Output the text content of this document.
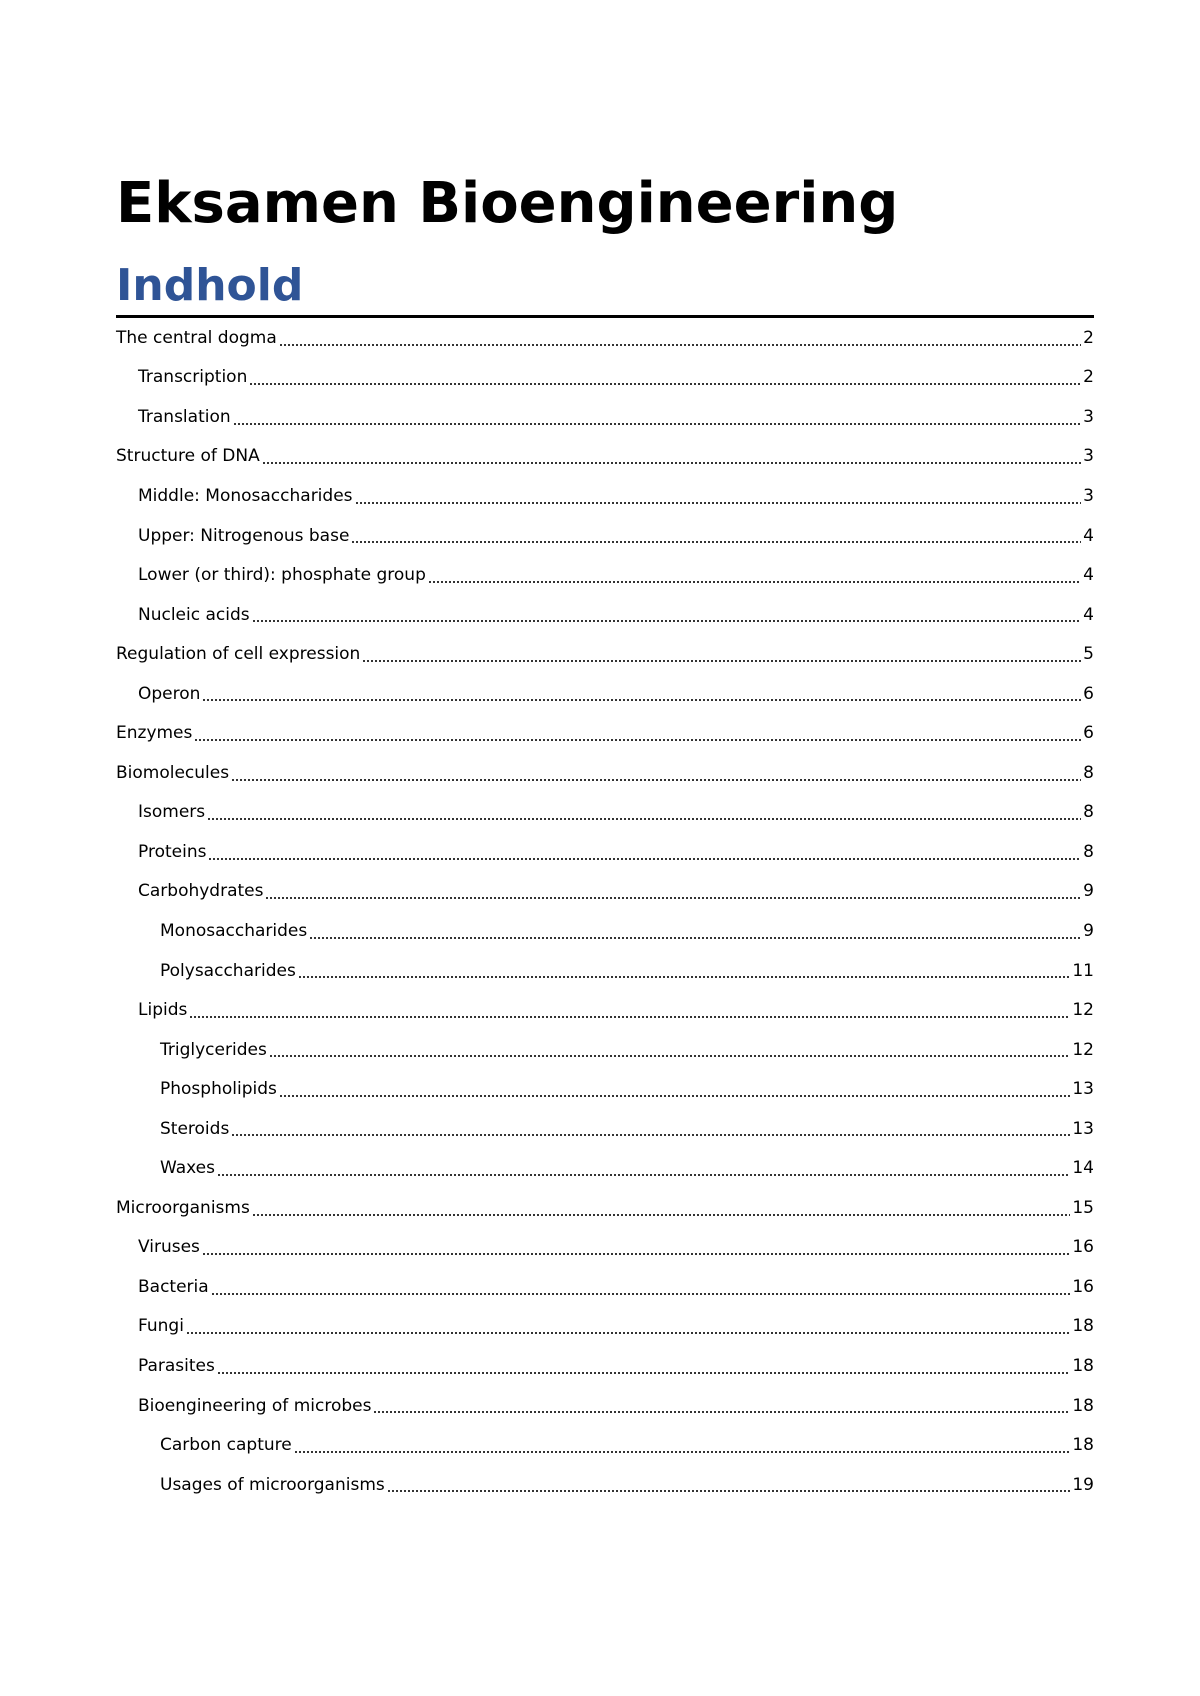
Eksamen Bioengineering
Indhold
The central dogma	2
Transcription	2
Translation	3
Structure of DNA	3
Middle: Monosaccharides	3
Upper: Nitrogenous base	4
Lower (or third): phosphate group	4
Nucleic acids	4
Regulation of cell expression	5
Operon	6
Enzymes	6
Biomolecules	8
Isomers	8
Proteins	8
Carbohydrates	9
Monosaccharides	9
Polysaccharides	11
Lipids	12
Triglycerides	12
Phospholipids	13
Steroids	13
Waxes	14
Microorganisms	15
Viruses	16
Bacteria	16
Fungi	18
Parasites	18
Bioengineering of microbes	18
Carbon capture	18
Usages of microorganisms	19
